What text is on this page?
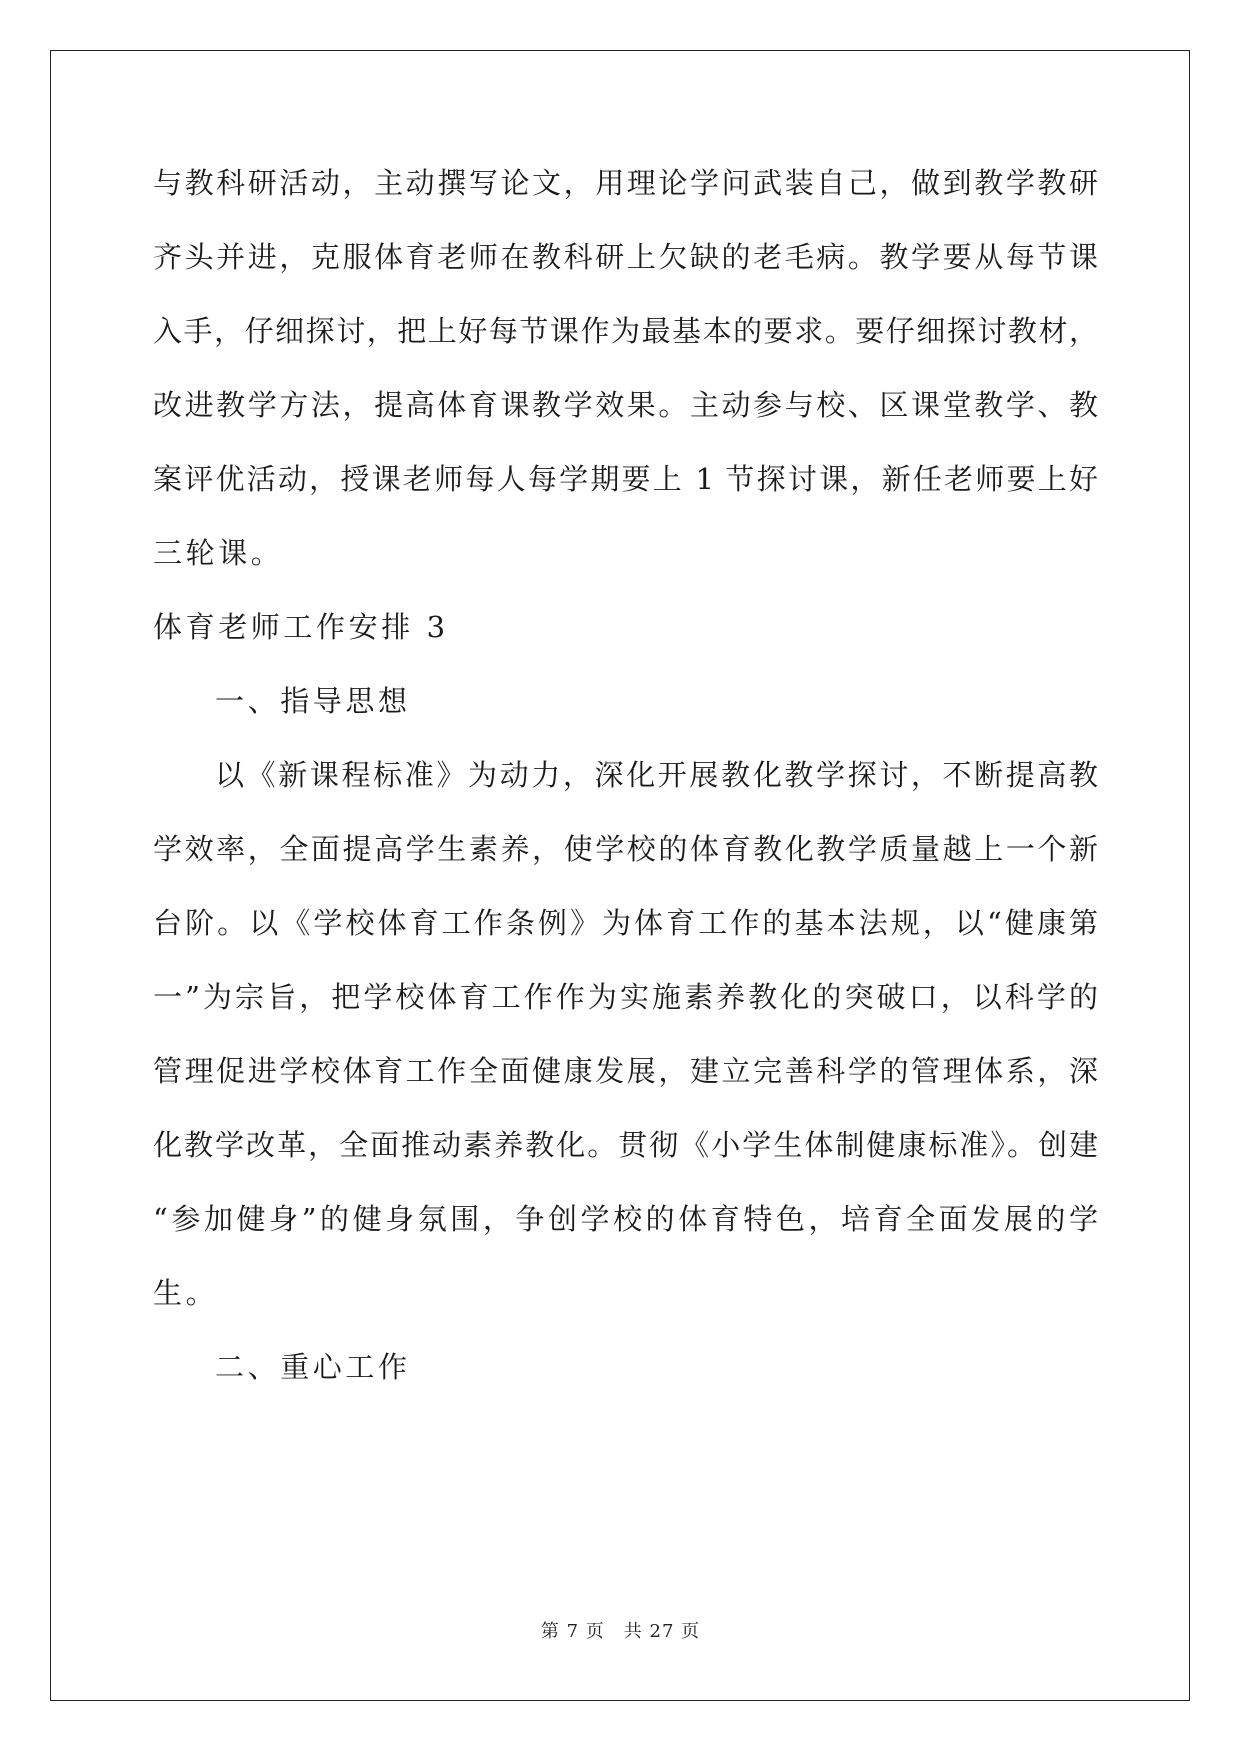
与教科研活动，主动撰写论文，用理论学问武装自己，做到教学教研
齐头并进，克服体育老师在教科研上欠缺的老毛病。教学要从每节课
入手，仔细探讨，把上好每节课作为最基本的要求。要仔细探讨教材，
改进教学方法，提高体育课教学效果。主动参与校、区课堂教学、教
案评优活动，授课老师每人每学期要上 1 节探讨课，新任老师要上好
三轮课。
体育老师工作安排 3
一、指导思想
以《新课程标准》为动力，深化开展教化教学探讨，不断提高教
学效率，全面提高学生素养，使学校的体育教化教学质量越上一个新
台阶。以《学校体育工作条例》为体育工作的基本法规，以“健康第
一”为宗旨，把学校体育工作作为实施素养教化的突破口，以科学的
管理促进学校体育工作全面健康发展，建立完善科学的管理体系，深
化教学改革，全面推动素养教化。贯彻《小学生体制健康标准》。创建
“参加健身”的健身氛围，争创学校的体育特色，培育全面发展的学
生。
二、重心工作
第 7 页　共 27 页
